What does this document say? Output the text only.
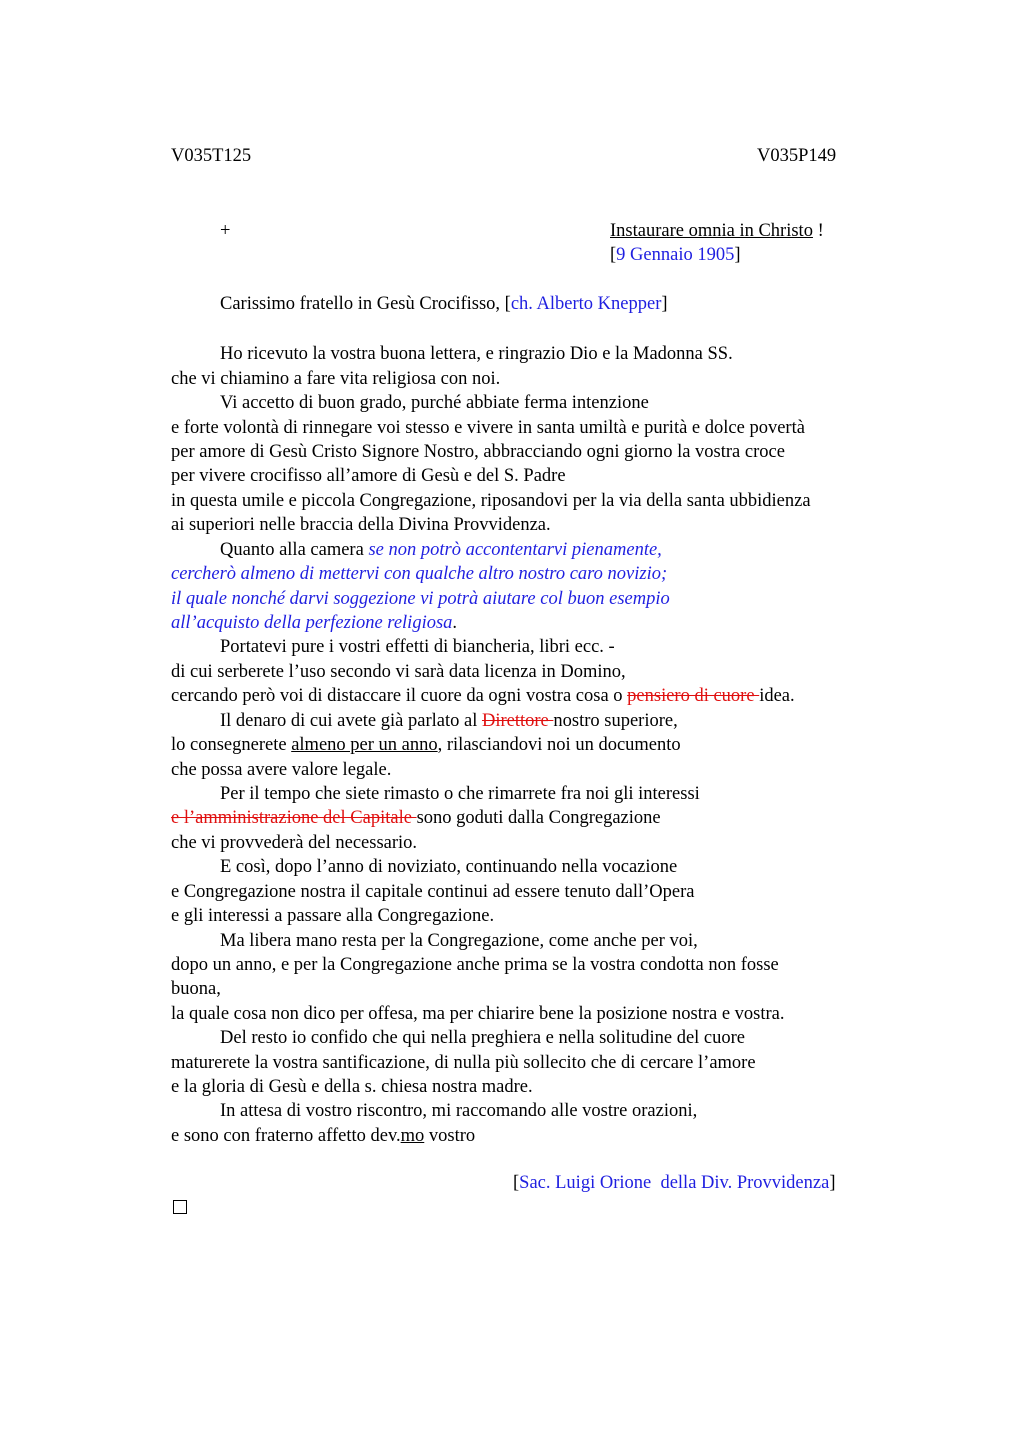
V035T125	V035P149
+	Instaurare omnia in Christo !
[9 Gennaio 1905]
Carissimo fratello in Gesù Crocifisso, [ch. Alberto Knepper]
Ho ricevuto la vostra buona lettera, e ringrazio Dio e la Madonna SS.
che vi chiamino a fare vita religiosa con noi.
Vi accetto di buon grado, purché abbiate ferma intenzione
e forte volontà di rinnegare voi stesso e vivere in santa umiltà e purità e dolce povertà
per amore di Gesù Cristo Signore Nostro, abbracciando ogni giorno la vostra croce
per vivere crocifisso all’amore di Gesù e del S. Padre
in questa umile e piccola Congregazione, riposandovi per la via della santa ubbidienza
ai superiori nelle braccia della Divina Provvidenza.
Quanto alla camera se non potrò accontentarvi pienamente,
cercherò almeno di mettervi con qualche altro nostro caro novizio;
il quale nonché darvi soggezione vi potrà aiutare col buon esempio
all’acquisto della perfezione religiosa.
Portatevi pure i vostri effetti di biancheria, libri ecc. -
di cui serberete l’uso secondo vi sarà data licenza in Domino,
cercando però voi di distaccare il cuore da ogni vostra cosa o pensiero di cuore idea.
Il denaro di cui avete già parlato al Direttore nostro superiore,
lo consegnerete almeno per un anno, rilasciandovi noi un documento
che possa avere valore legale.
Per il tempo che siete rimasto o che rimarrete fra noi gli interessi
e l’amministrazione del Capitale sono goduti dalla Congregazione
che vi provvederà del necessario.
E così, dopo l’anno di noviziato, continuando nella vocazione
e Congregazione nostra il capitale continui ad essere tenuto dall’Opera
e gli interessi a passare alla Congregazione.
Ma libera mano resta per la Congregazione, come anche per voi,
dopo un anno, e per la Congregazione anche prima se la vostra condotta non fosse
buona,
la quale cosa non dico per offesa, ma per chiarire bene la posizione nostra e vostra.
Del resto io confido che qui nella preghiera e nella solitudine del cuore
maturerete la vostra santificazione, di nulla più sollecito che di cercare l’amore
e la gloria di Gesù e della s. chiesa nostra madre.
In attesa di vostro riscontro, mi raccomando alle vostre orazioni,
e sono con fraterno affetto dev.mo vostro
[Sac. Luigi Orione  della Div. Provvidenza]
